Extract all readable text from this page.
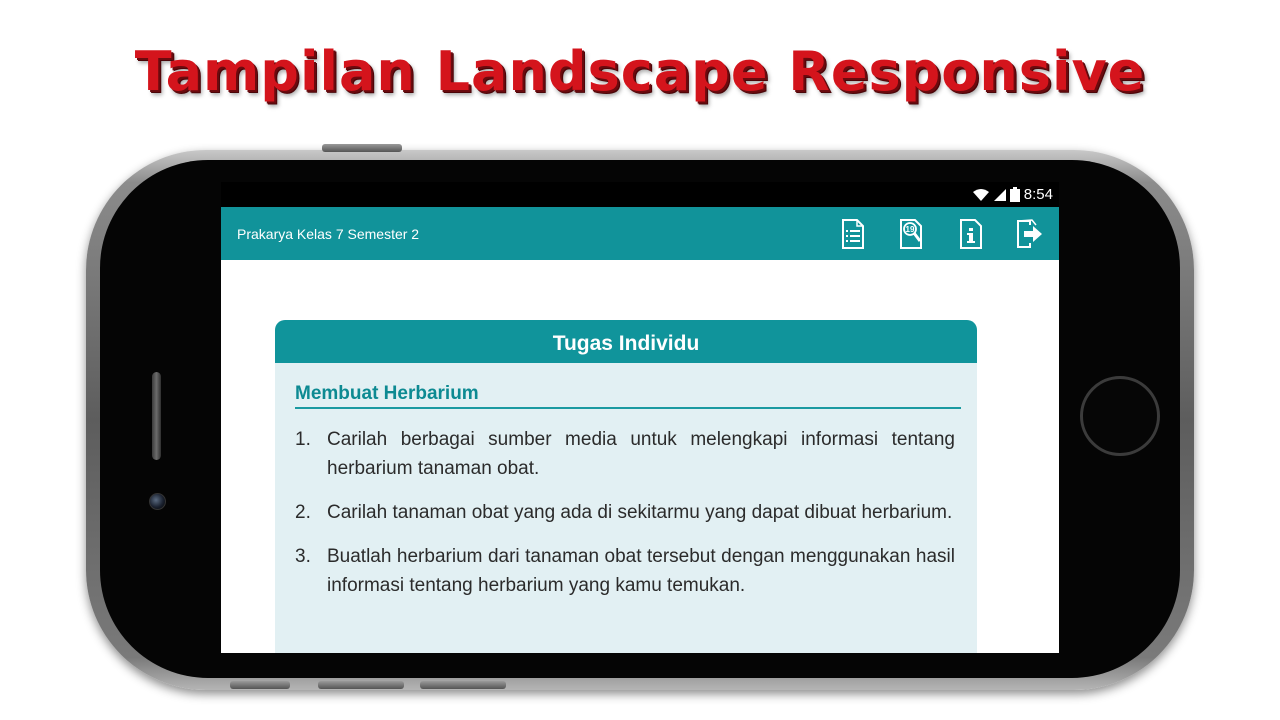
Tampilan Landscape Responsive
8:54
Prakarya Kelas 7 Semester 2	19
Tugas Individu
Membuat Herbarium
1. Carilah berbagai sumber media untuk melengkapi informasi tentang herbarium tanaman obat.
2. Carilah tanaman obat yang ada di sekitarmu yang dapat dibuat herbarium.
3. Buatlah herbarium dari tanaman obat tersebut dengan menggunakan hasil informasi tentang herbarium yang kamu temukan.
